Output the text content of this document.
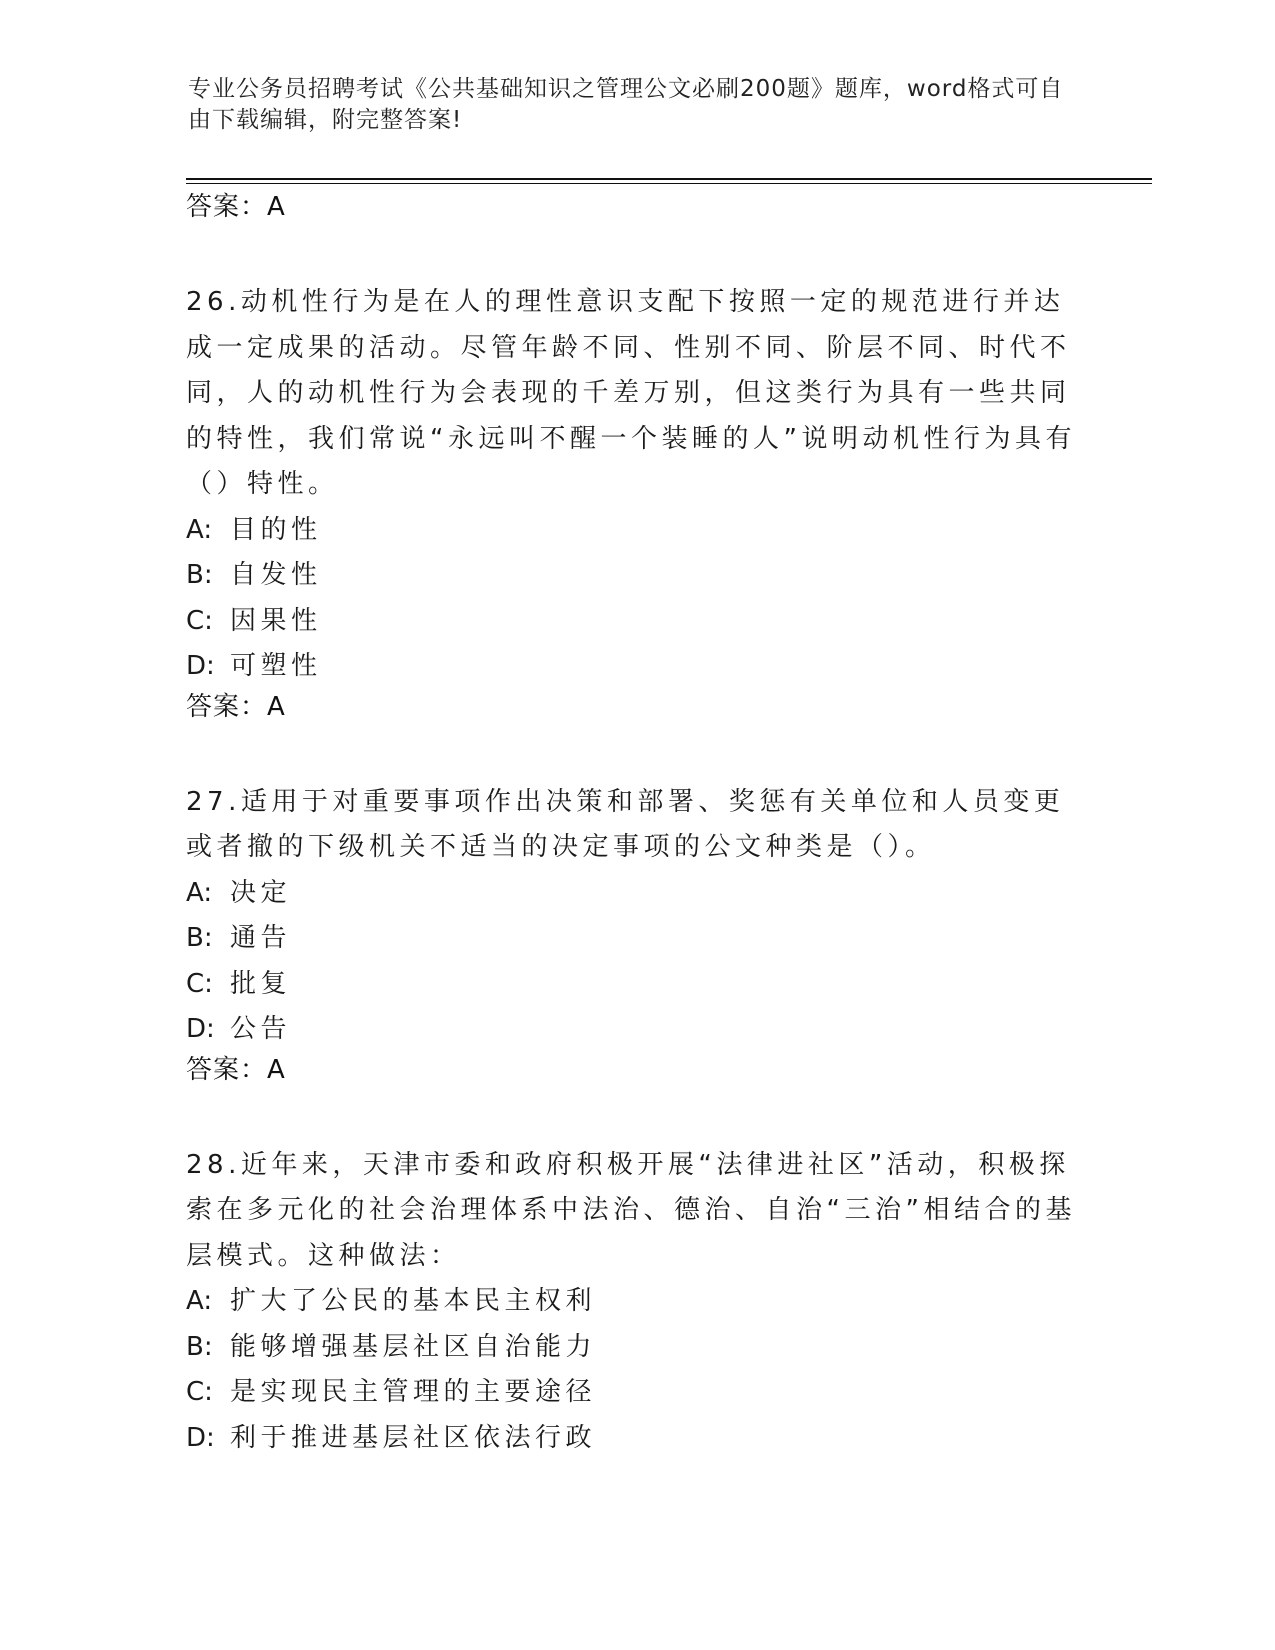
专业公务员招聘考试《公共基础知识之管理公文必刷200题》题库，word格式可自由下载编辑，附完整答案!
答案：A
26.动机性行为是在人的理性意识支配下按照一定的规范进行并达成一定成果的活动。尽管年龄不同、性别不同、阶层不同、时代不同，人的动机性行为会表现的千差万别，但这类行为具有一些共同的特性，我们常说“永远叫不醒一个装睡的人”说明动机性行为具有（）特性。
A: 目的性
B: 自发性
C: 因果性
D: 可塑性
答案：A
27.适用于对重要事项作出决策和部署、奖惩有关单位和人员变更或者撤的下级机关不适当的决定事项的公文种类是（）。
A: 决定
B: 通告
C: 批复
D: 公告
答案：A
28.近年来，天津市委和政府积极开展“法律进社区”活动，积极探索在多元化的社会治理体系中法治、德治、自治“三治”相结合的基层模式。这种做法：
A: 扩大了公民的基本民主权利
B: 能够增强基层社区自治能力
C: 是实现民主管理的主要途径
D: 利于推进基层社区依法行政
